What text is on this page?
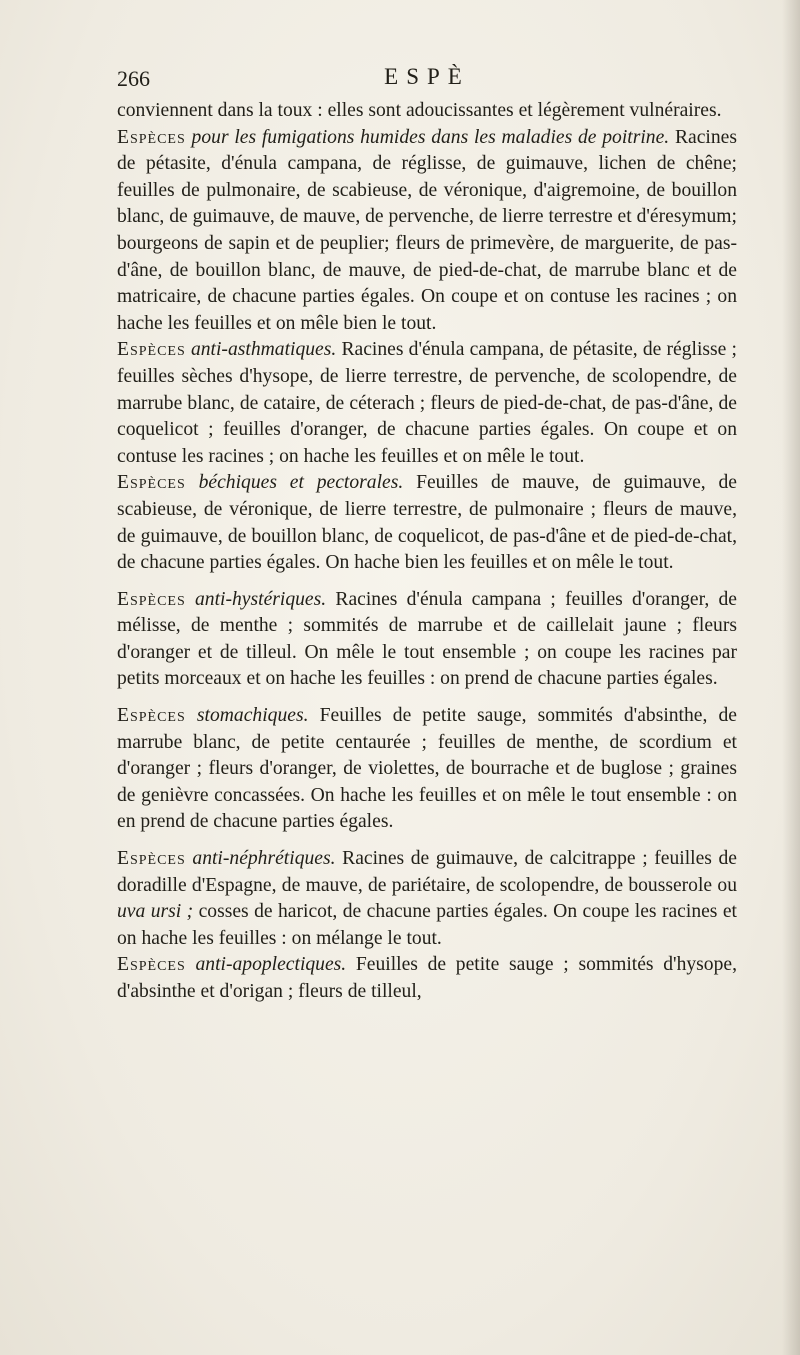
266	ESPÈ

conviennent dans la toux : elles sont adoucissantes et légèrement vulnéraires.

Espèces pour les fumigations humides dans les maladies de poitrine. Racines de pétasite, d'énula campana, de réglisse, de guimauve, lichen de chêne; feuilles de pulmonaire, de scabieuse, de véronique, d'aigremoine, de bouillon blanc, de guimauve, de mauve, de pervenche, de lierre terrestre et d'éresymum; bourgeons de sapin et de peuplier; fleurs de primevère, de marguerite, de pas-d'âne, de bouillon blanc, de mauve, de pied-de-chat, de marrube blanc et de matricaire, de chacune parties égales. On coupe et on contuse les racines ; on hache les feuilles et on mêle bien le tout.

Espèces anti-asthmatiques. Racines d'énula campana, de pétasite, de réglisse ; feuilles sèches d'hysope, de lierre terrestre, de pervenche, de scolopendre, de marrube blanc, de cataire, de céterach ; fleurs de pied-de-chat, de pas-d'âne, de coquelicot ; feuilles d'oranger, de chacune parties égales. On coupe et on contuse les racines ; on hache les feuilles et on mêle le tout.

Espèces béchiques et pectorales. Feuilles de mauve, de guimauve, de scabieuse, de véronique, de lierre terrestre, de pulmonaire ; fleurs de mauve, de guimauve, de bouillon blanc, de coquelicot, de pas-d'âne et de pied-de-chat, de chacune parties égales. On hache bien les feuilles et on mêle le tout.

Espèces anti-hystériques. Racines d'énula campana ; feuilles d'oranger, de mélisse, de menthe ; sommités de marrube et de caillelait jaune ; fleurs d'oranger et de tilleul. On mêle le tout ensemble ; on coupe les racines par petits morceaux et on hache les feuilles : on prend de chacune parties égales.

Espèces stomachiques. Feuilles de petite sauge, sommités d'absinthe, de marrube blanc, de petite centaurée ; feuilles de menthe, de scordium et d'oranger ; fleurs d'oranger, de violettes, de bourrache et de buglose ; graines de genièvre concassées. On hache les feuilles et on mêle le tout ensemble : on en prend de chacune parties égales.

Espèces anti-néphrétiques. Racines de guimauve, de calcitrappe ; feuilles de doradille d'Espagne, de mauve, de pariétaire, de scolopendre, de bousserole ou uva ursi ; cosses de haricot, de chacune parties égales. On coupe les racines et on hache les feuilles : on mélange le tout.

Espèces anti-apoplectiques. Feuilles de petite sauge ; sommités d'hysope, d'absinthe et d'origan ; fleurs de tilleul,
